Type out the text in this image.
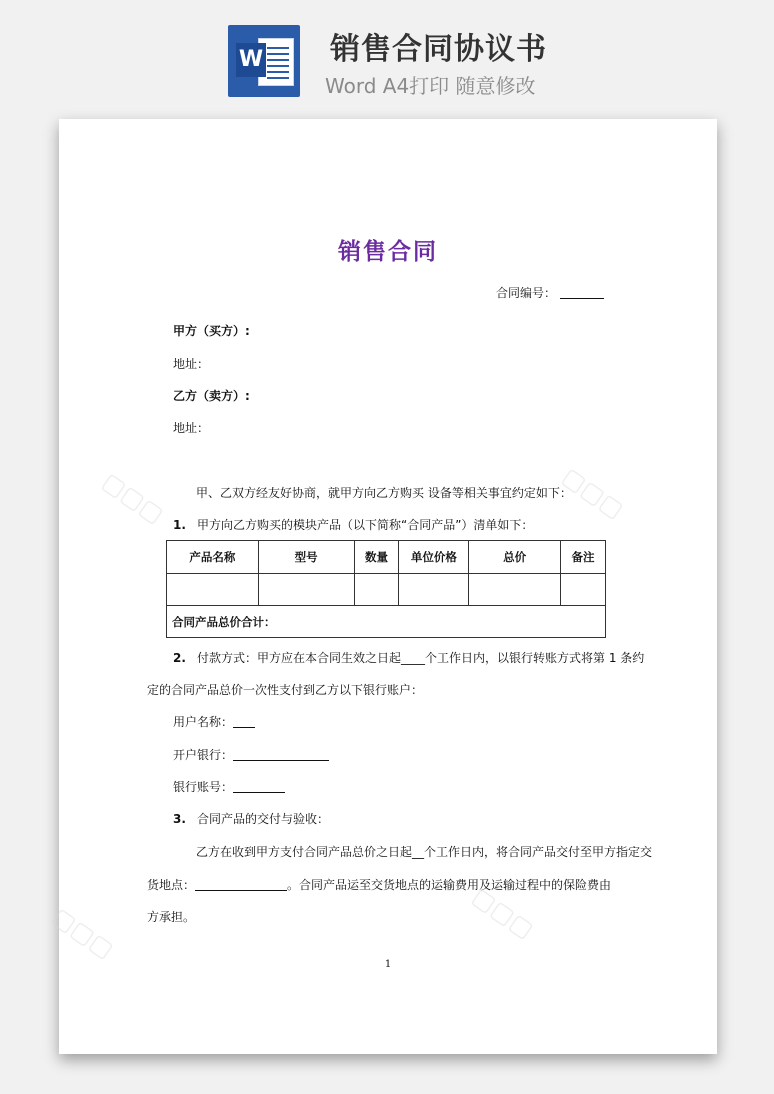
W 销售合同协议书
Word A4打印 随意修改
▢▢▢	▢▢▢
▢▢▢	▢▢▢
销售合同
合同编号：
甲方（买方）:
地址：
乙方（卖方）:
地址：
甲、乙双方经友好协商，就甲方向乙方购买 设备等相关事宜约定如下：
1. 甲方向乙方购买的模块产品（以下简称“合同产品”）清单如下：
产品名称	型号	数量	单位价格	总价	备注

合同产品总价合计：					
2. 付款方式：甲方应在本合同生效之日起____个工作日内，以银行转账方式将第 1 条约
定的合同产品总价一次性支付到乙方以下银行账户：
用户名称：
开户银行：
银行账号：
3. 合同产品的交付与验收：
乙方在收到甲方支付合同产品总价之日起__个工作日内，将合同产品交付至甲方指定交
货地点：	。合同产品运至交货地点的运输费用及运输过程中的保险费由
方承担。
1
